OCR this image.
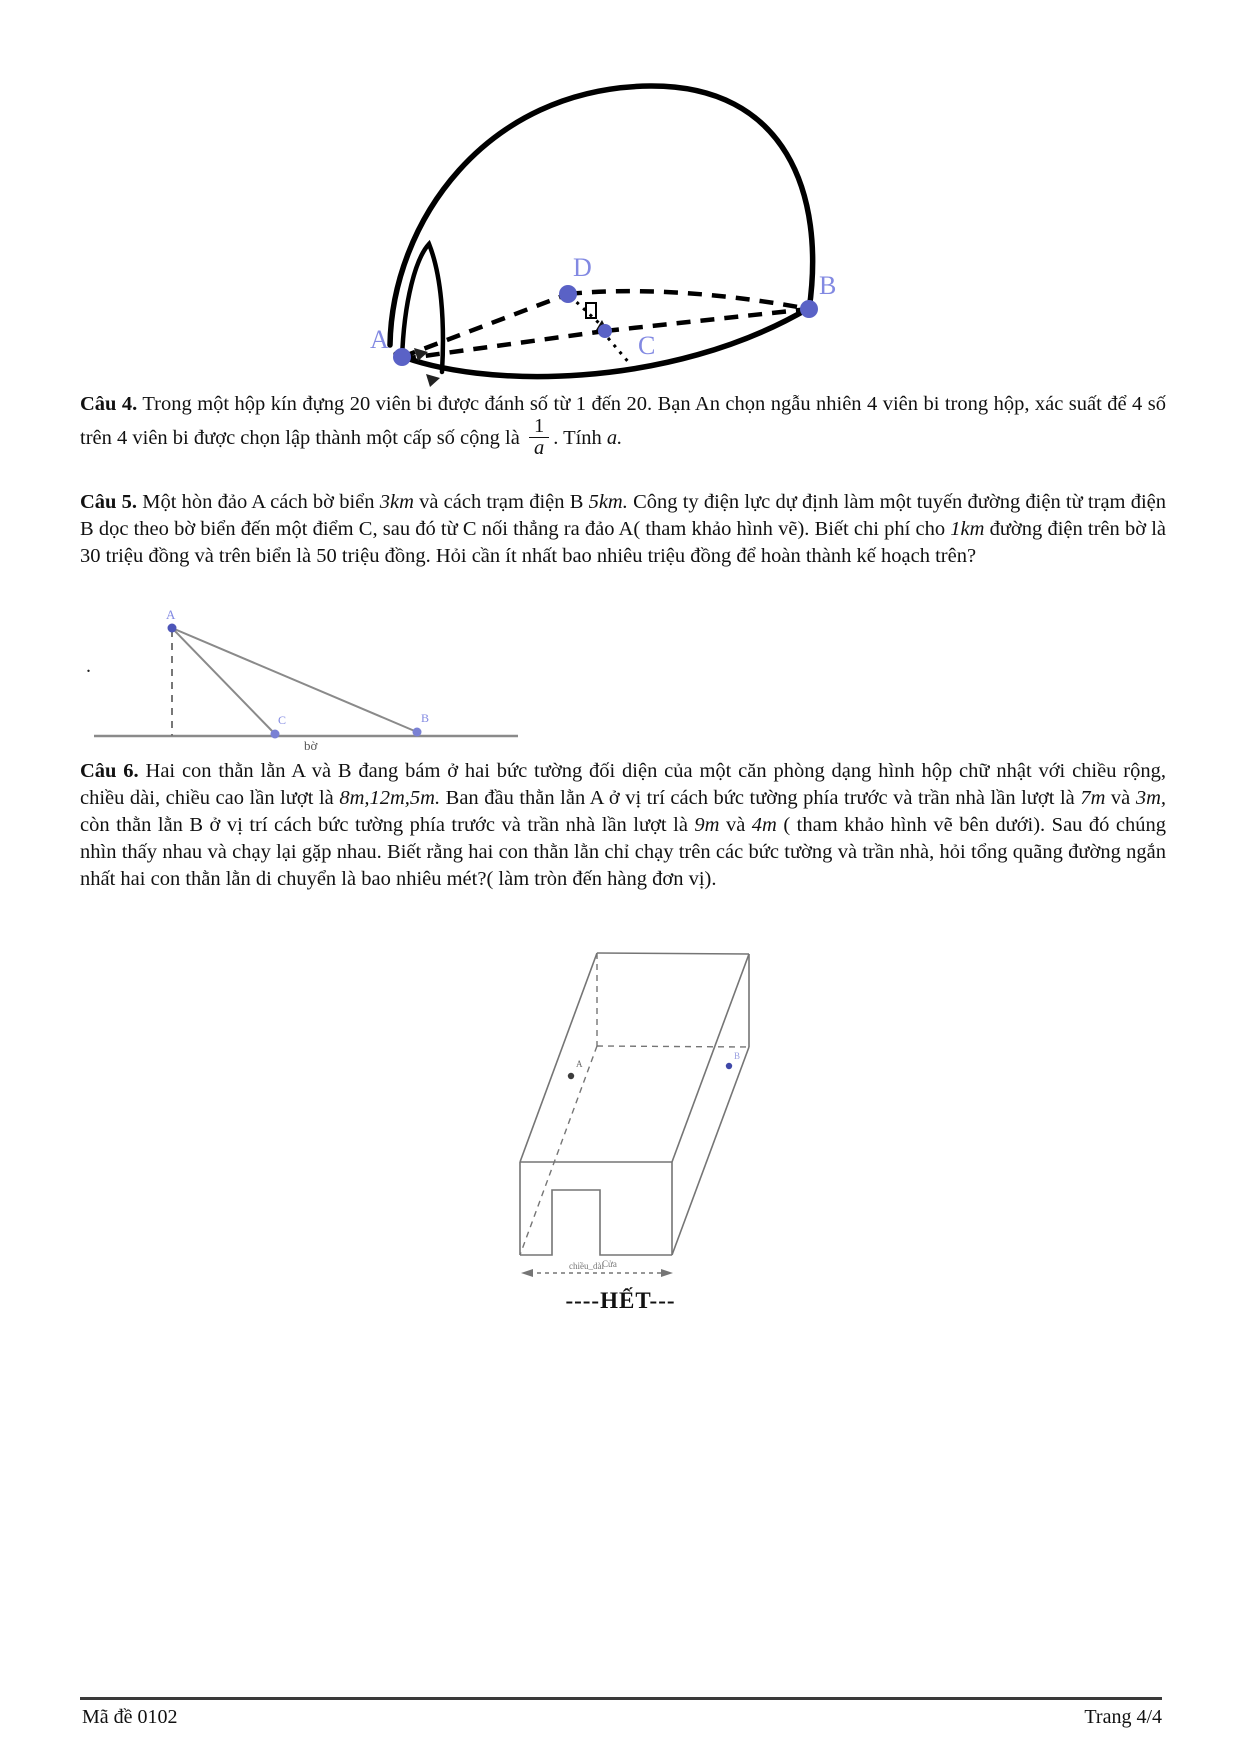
A
D
C
B
Câu 4. Trong một hộp kín đựng 20 viên bi được đánh số từ 1 đến 20. Bạn An chọn ngẫu nhiên 4 viên bi trong hộp, xác suất để 4 số trên 4 viên bi được chọn lập thành một cấp số cộng là $\frac{1}{a}$ . Tính a.
Câu 5. Một hòn đảo A cách bờ biển 3km và cách trạm điện B 5km. Công ty điện lực dự định làm một tuyến đường điện từ trạm điện B dọc theo bờ biển đến một điểm C, sau đó từ C nối thẳng ra đảo A( tham khảo hình vẽ). Biết chi phí cho 1km đường điện trên bờ là 30 triệu đồng và trên biển là 50 triệu đồng. Hỏi cần ít nhất bao nhiêu triệu đồng để hoàn thành kế hoạch trên?
.
A
C	B
bờ
Câu 6. Hai con thằn lằn A và B đang bám ở hai bức tường đối diện của một căn phòng dạng hình hộp chữ nhật với chiều rộng, chiều dài, chiều cao lần lượt là 8m,12m,5m. Ban đầu thằn lằn A ở vị trí cách bức tường phía trước và trần nhà lần lượt là 7m và 3m, còn thằn lằn B ở vị trí cách bức tường phía trước và trần nhà lần lượt là 9m và 4m ( tham khảo hình vẽ bên dưới). Sau đó chúng nhìn thấy nhau và chạy lại gặp nhau. Biết rằng hai con thằn lằn chỉ chạy trên các bức tường và trần nhà, hỏi tổng quãng đường ngắn nhất hai con thằn lằn di chuyển là bao nhiêu mét?( làm tròn đến hàng đơn vị).
A
B
Cửa
chiều_dài
----HẾT---
Mã đề 0102	Trang 4/4
